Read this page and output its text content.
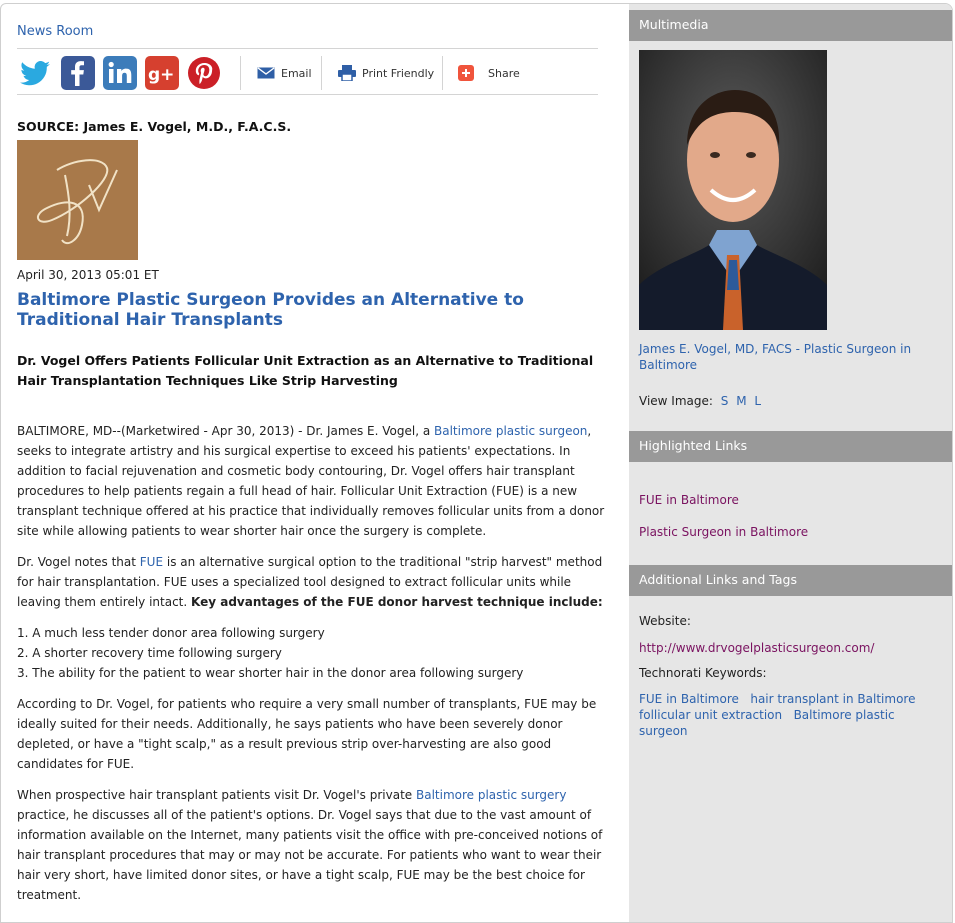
News Room
g+	Email	Print Friendly	Share
SOURCE: James E. Vogel, M.D., F.A.C.S.
April 30, 2013 05:01 ET
Baltimore Plastic Surgeon Provides an Alternative to Traditional Hair Transplants
Dr. Vogel Offers Patients Follicular Unit Extraction as an Alternative to Traditional Hair Transplantation Techniques Like Strip Harvesting

BALTIMORE, MD--(Marketwired - Apr 30, 2013) - Dr. James E. Vogel, a Baltimore plastic surgeon, seeks to integrate artistry and his surgical expertise to exceed his patients' expectations. In addition to facial rejuvenation and cosmetic body contouring, Dr. Vogel offers hair transplant procedures to help patients regain a full head of hair. Follicular Unit Extraction (FUE) is a new transplant technique offered at his practice that individually removes follicular units from a donor site while allowing patients to wear shorter hair once the surgery is complete.

Dr. Vogel notes that FUE is an alternative surgical option to the traditional "strip harvest" method for hair transplantation. FUE uses a specialized tool designed to extract follicular units while leaving them entirely intact. Key advantages of the FUE donor harvest technique include:

1. A much less tender donor area following surgery
2. A shorter recovery time following surgery
3. The ability for the patient to wear shorter hair in the donor area following surgery

According to Dr. Vogel, for patients who require a very small number of transplants, FUE may be ideally suited for their needs. Additionally, he says patients who have been severely donor depleted, or have a "tight scalp," as a result previous strip over-harvesting are also good candidates for FUE.

When prospective hair transplant patients visit Dr. Vogel's private Baltimore plastic surgery practice, he discusses all of the patient's options. Dr. Vogel says that due to the vast amount of information available on the Internet, many patients visit the office with pre-conceived notions of hair transplant procedures that may or may not be accurate. For patients who want to wear their hair very short, have limited donor sites, or have a tight scalp, FUE may be the best choice for treatment.

Multimedia
James E. Vogel, MD, FACS - Plastic Surgeon in Baltimore
View Image: S M L
Highlighted Links
FUE in Baltimore
Plastic Surgeon in Baltimore
Additional Links and Tags
Website:
http://www.drvogelplasticsurgeon.com/
Technorati Keywords:
FUE in Baltimore hair transplant in Baltimore follicular unit extraction Baltimore plastic surgeon
